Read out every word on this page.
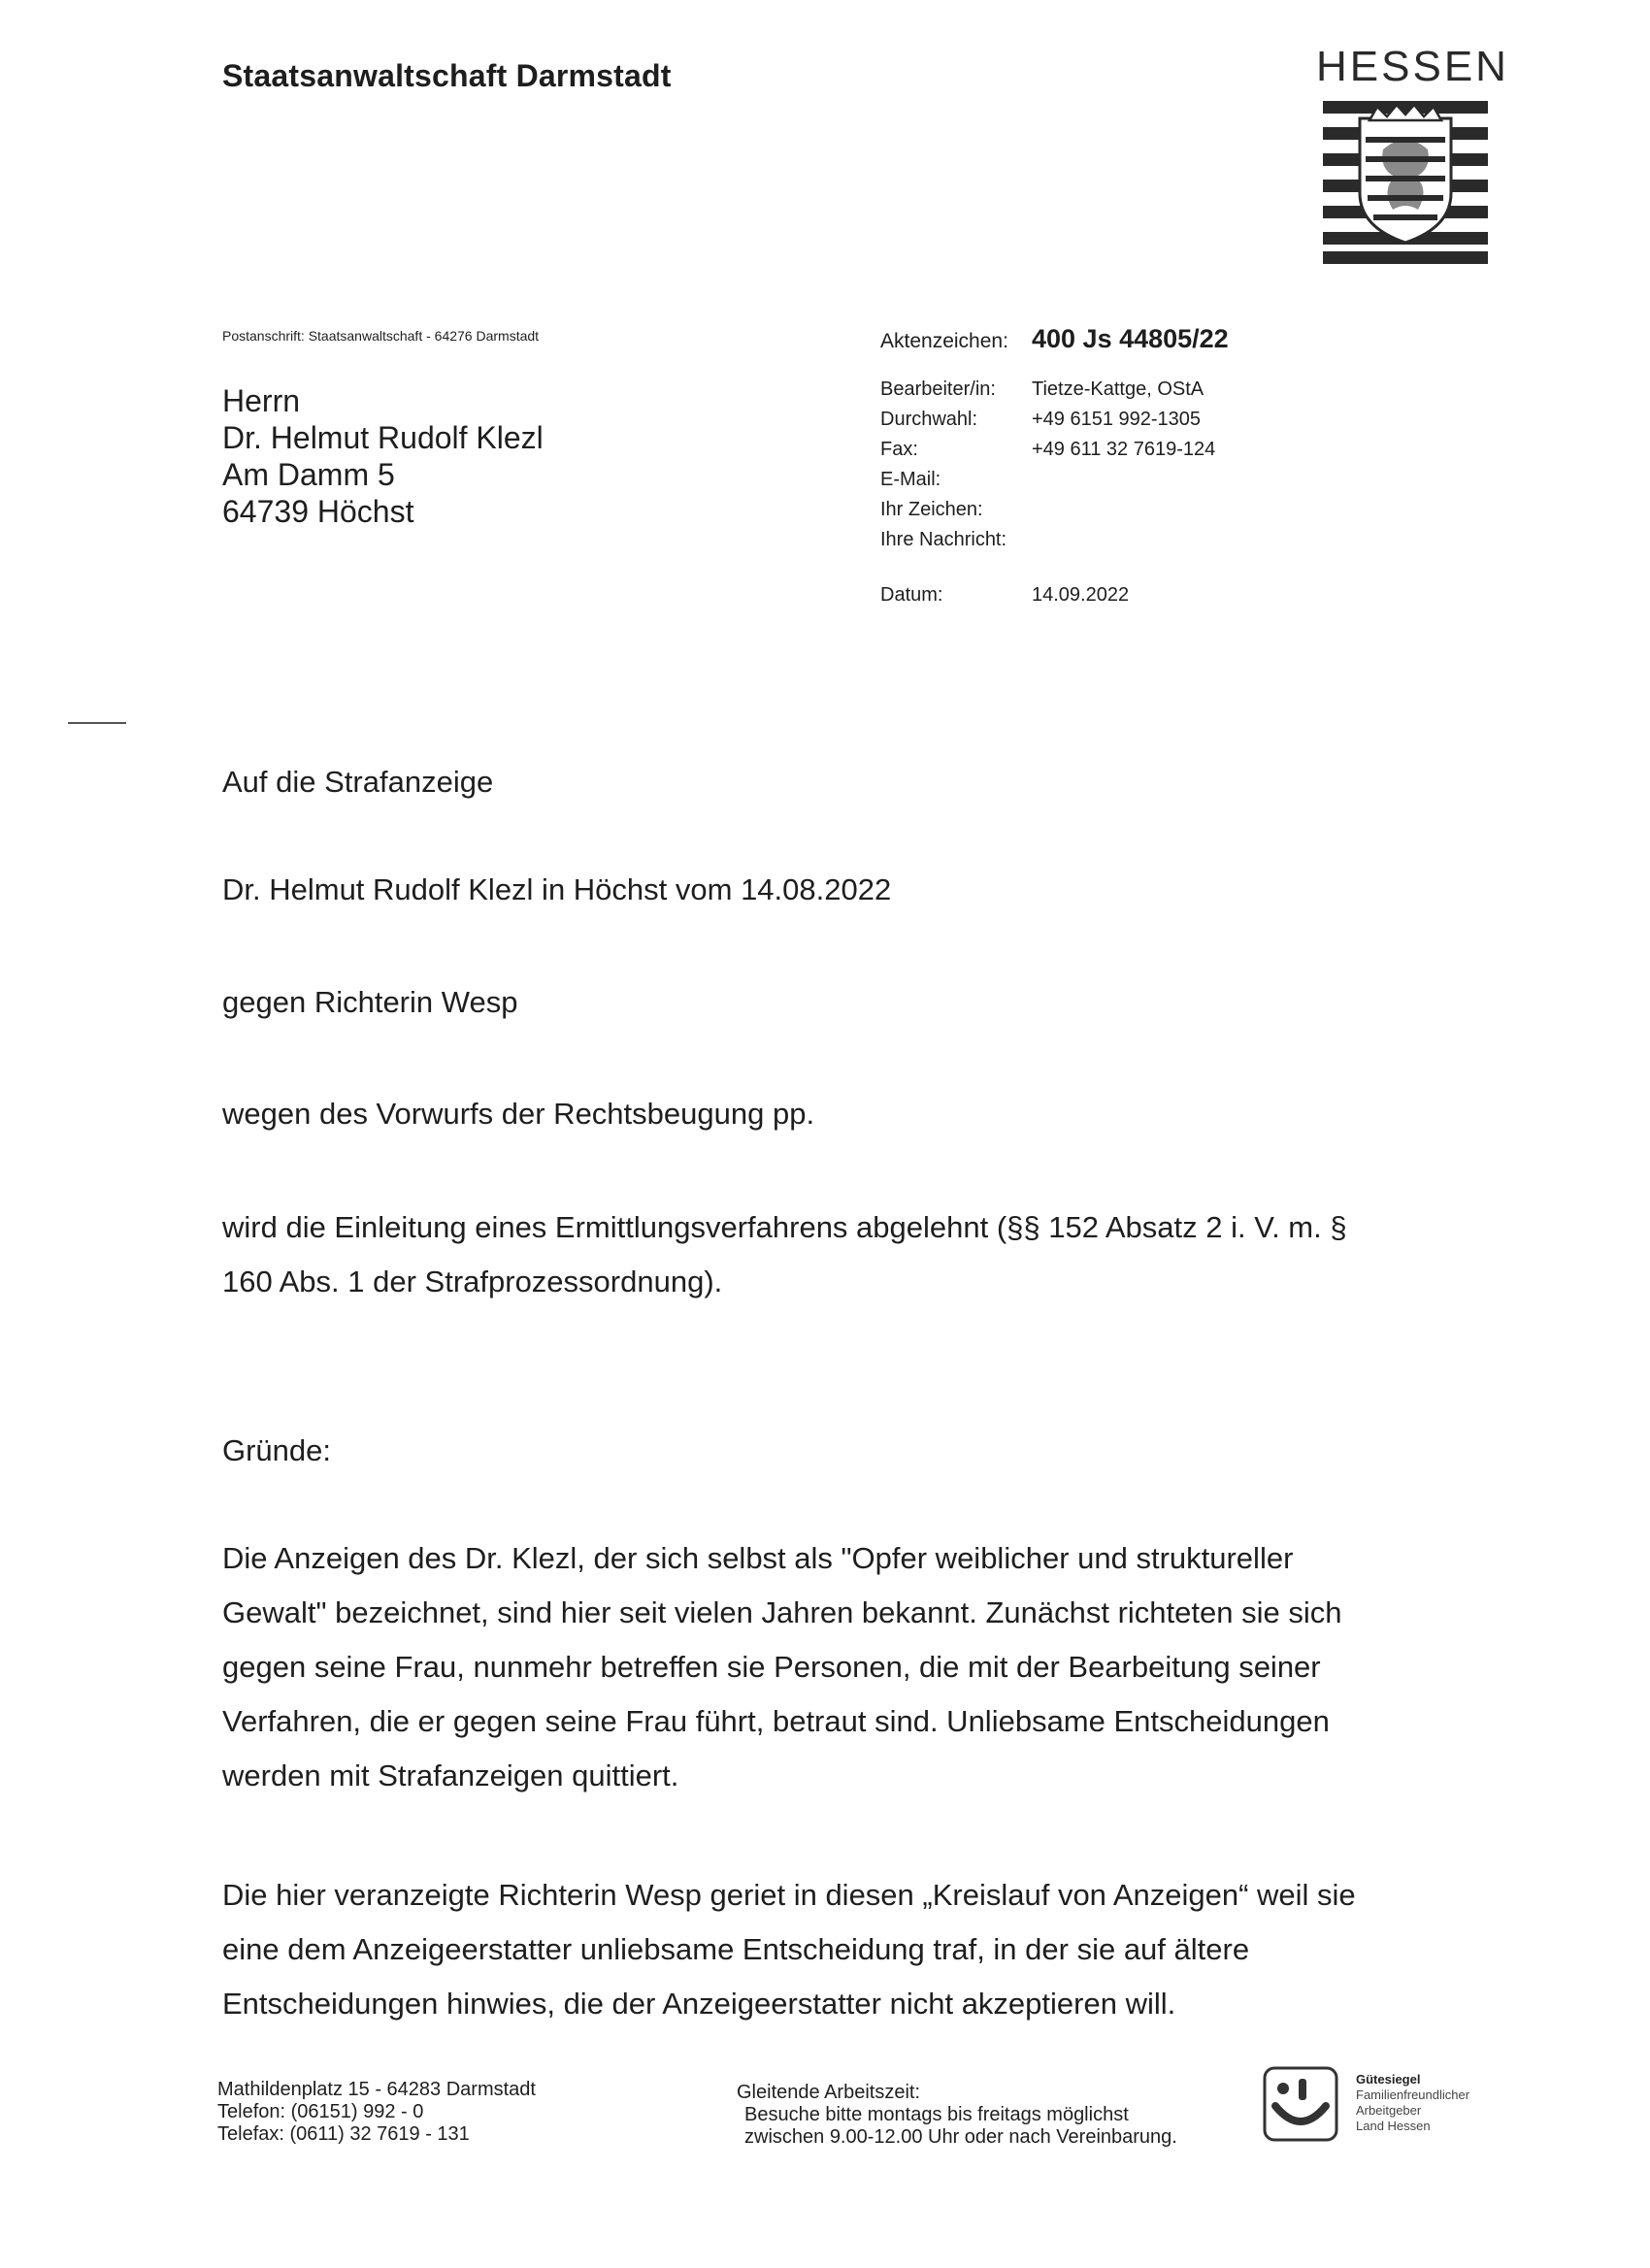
Staatsanwaltschaft Darmstadt	HESSEN
Postanschrift: Staatsanwaltschaft - 64276 Darmstadt
Herrn
Dr. Helmut Rudolf Klezl
Am Damm 5
64739 Höchst
Aktenzeichen: 400 Js 44805/22
Bearbeiter/in: Tietze-Kattge, OStA
Durchwahl:	+49 6151 992-1305
Fax:	+49 611 32 7619-124
E-Mail:
Ihr Zeichen:
Ihre Nachricht:
Datum:	14.09.2022
Auf die Strafanzeige
Dr. Helmut Rudolf Klezl in Höchst vom 14.08.2022
gegen Richterin Wesp
wegen des Vorwurfs der Rechtsbeugung pp.
wird die Einleitung eines Ermittlungsverfahrens abgelehnt (§§ 152 Absatz 2 i. V. m. §
160 Abs. 1 der Strafprozessordnung).
Gründe:
Die Anzeigen des Dr. Klezl, der sich selbst als "Opfer weiblicher und struktureller
Gewalt" bezeichnet, sind hier seit vielen Jahren bekannt. Zunächst richteten sie sich
gegen seine Frau, nunmehr betreffen sie Personen, die mit der Bearbeitung seiner
Verfahren, die er gegen seine Frau führt, betraut sind. Unliebsame Entscheidungen
werden mit Strafanzeigen quittiert.
Die hier veranzeigte Richterin Wesp geriet in diesen „Kreislauf von Anzeigen“ weil sie
eine dem Anzeigeerstatter unliebsame Entscheidung traf, in der sie auf ältere
Entscheidungen hinwies, die der Anzeigeerstatter nicht akzeptieren will.
Mathildenplatz 15 - 64283 Darmstadt
Telefon: (06151) 992 - 0
Telefax: (0611) 32 7619 - 131
Gleitende Arbeitszeit:
Besuche bitte montags bis freitags möglichst
zwischen 9.00-12.00 Uhr oder nach Vereinbarung.
Gütesiegel
Familienfreundlicher
Arbeitgeber
Land Hessen
